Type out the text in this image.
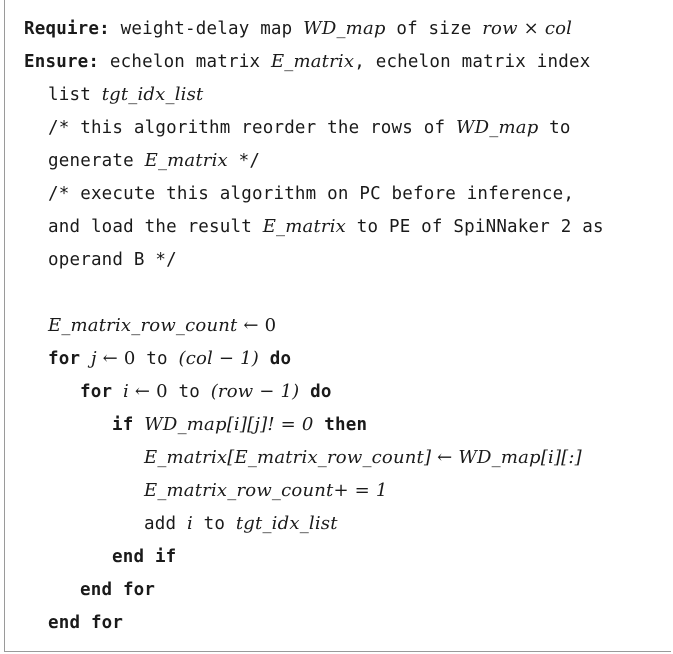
Require: weight-delay map WD_map of size row × col
Ensure: echelon matrix E_matrix, echelon matrix index
list tgt_idx_list
/* this algorithm reorder the rows of WD_map to
generate E_matrix */
/* execute this algorithm on PC before inference,
and load the result E_matrix to PE of SpiNNaker 2 as
operand B */
E_matrix_row_count ← 0
for j ← 0 to (col − 1) do
for i ← 0 to (row − 1) do
if WD_map[i][j]! = 0 then
E_matrix[E_matrix_row_count] ← WD_map[i][:]
E_matrix_row_count+ = 1
add i to tgt_idx_list
end if
end for
end for
